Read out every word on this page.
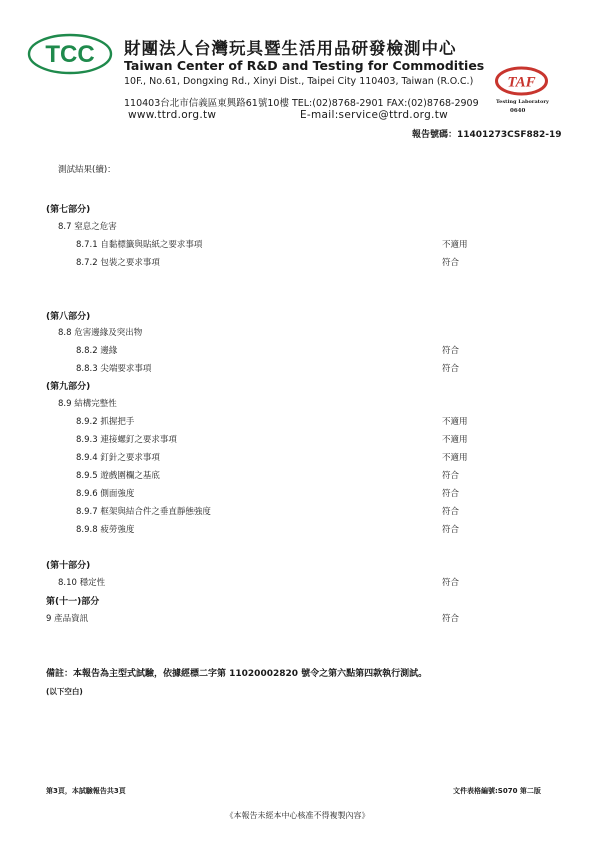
TCC 財團法人台灣玩具暨生活用品研發檢測中心
Taiwan Center of R&D and Testing for Commodities
10F., No.61, Dongxing Rd., Xinyi Dist., Taipei City 110403, Taiwan (R.O.C.)
110403台北市信義區東興路61號10樓 TEL:(02)8768-2901 FAX:(02)8768-2909
www.ttrd.org.tw	E-mail:service@ttrd.org.tw
TAF
Testing Laboratory
0640
報告號碼：11401273CSF882-19
測試結果(續)：
(第七部分)
8.7 窒息之危害
8.7.1 自黏標籤與貼紙之要求事項	不適用
8.7.2 包裝之要求事項	符合
(第八部分)
8.8 危害邊緣及突出物
8.8.2 邊緣	符合
8.8.3 尖端要求事項	符合
(第九部分)
8.9 結構完整性
8.9.2 抓握把手	不適用
8.9.3 連接螺釘之要求事項	不適用
8.9.4 釘針之要求事項	不適用
8.9.5 遊戲圍欄之基底	符合
8.9.6 側面強度	符合
8.9.7 框架與結合件之垂直靜態強度	符合
8.9.8 疲勞強度	符合
(第十部分)
8.10 穩定性	符合
第(十一)部分
9 產品資訊	符合
備註：本報告為主型式試驗，依據經標二字第 11020002820 號令之第六點第四款執行測試。
(以下空白)
第3頁，本試驗報告共3頁	文件表格編號:S070 第二版
《本報告未經本中心核准不得複製內容》
